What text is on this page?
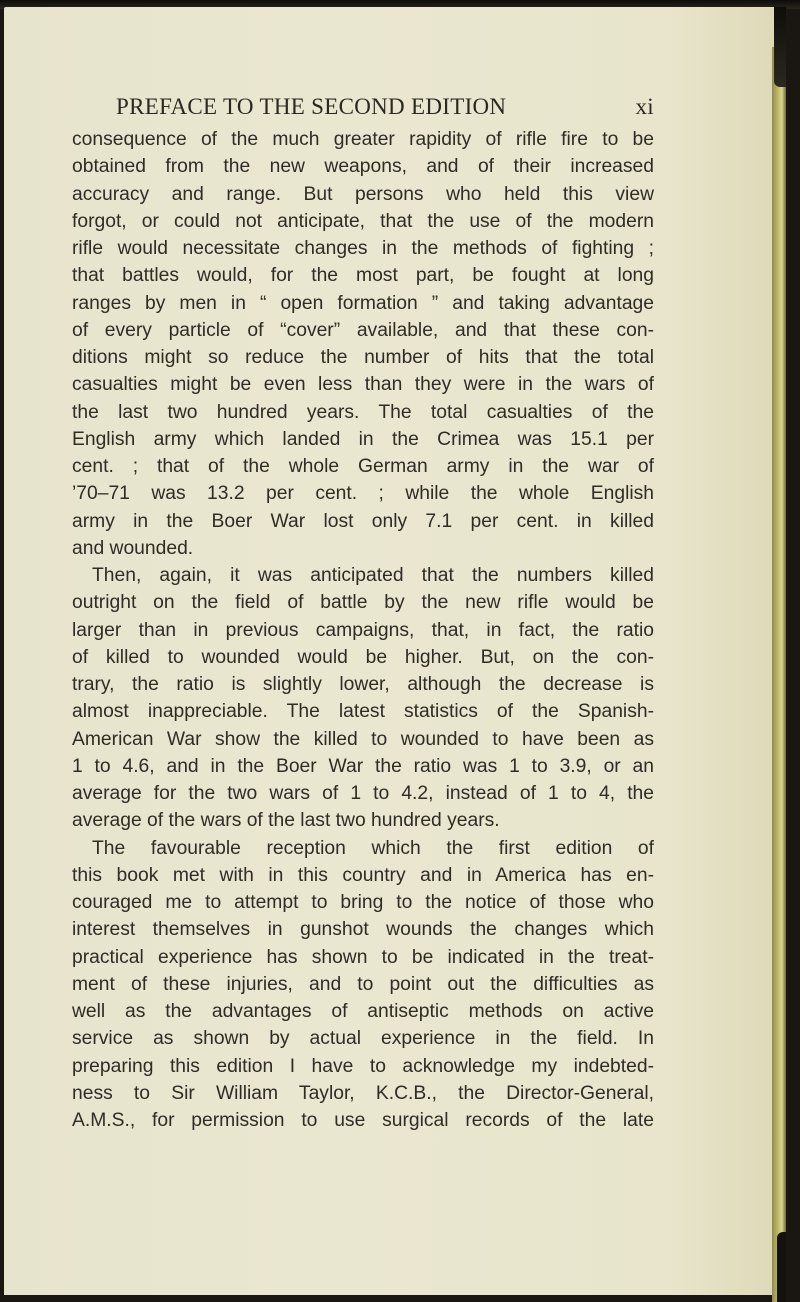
PREFACE TO THE SECOND EDITION	xi
consequence of the much greater rapidity of rifle fire to be
obtained from the new weapons, and of their increased
accuracy and range. But persons who held this view
forgot, or could not anticipate, that the use of the modern
rifle would necessitate changes in the methods of fighting ;
that battles would, for the most part, be fought at long
ranges by men in “ open formation ” and taking advantage
of every particle of “cover” available, and that these con-
ditions might so reduce the number of hits that the total
casualties might be even less than they were in the wars of
the last two hundred years. The total casualties of the
English army which landed in the Crimea was 15.1 per
cent. ; that of the whole German army in the war of
’70–71 was 13.2 per cent. ; while the whole English
army in the Boer War lost only 7.1 per cent. in killed
and wounded.
Then, again, it was anticipated that the numbers killed
outright on the field of battle by the new rifle would be
larger than in previous campaigns, that, in fact, the ratio
of killed to wounded would be higher. But, on the con-
trary, the ratio is slightly lower, although the decrease is
almost inappreciable. The latest statistics of the Spanish-
American War show the killed to wounded to have been as
1 to 4.6, and in the Boer War the ratio was 1 to 3.9, or an
average for the two wars of 1 to 4.2, instead of 1 to 4, the
average of the wars of the last two hundred years.
The favourable reception which the first edition of
this book met with in this country and in America has en-
couraged me to attempt to bring to the notice of those who
interest themselves in gunshot wounds the changes which
practical experience has shown to be indicated in the treat-
ment of these injuries, and to point out the difficulties as
well as the advantages of antiseptic methods on active
service as shown by actual experience in the field. In
preparing this edition I have to acknowledge my indebted-
ness to Sir William Taylor, K.C.B., the Director-General,
A.M.S., for permission to use surgical records of the late
